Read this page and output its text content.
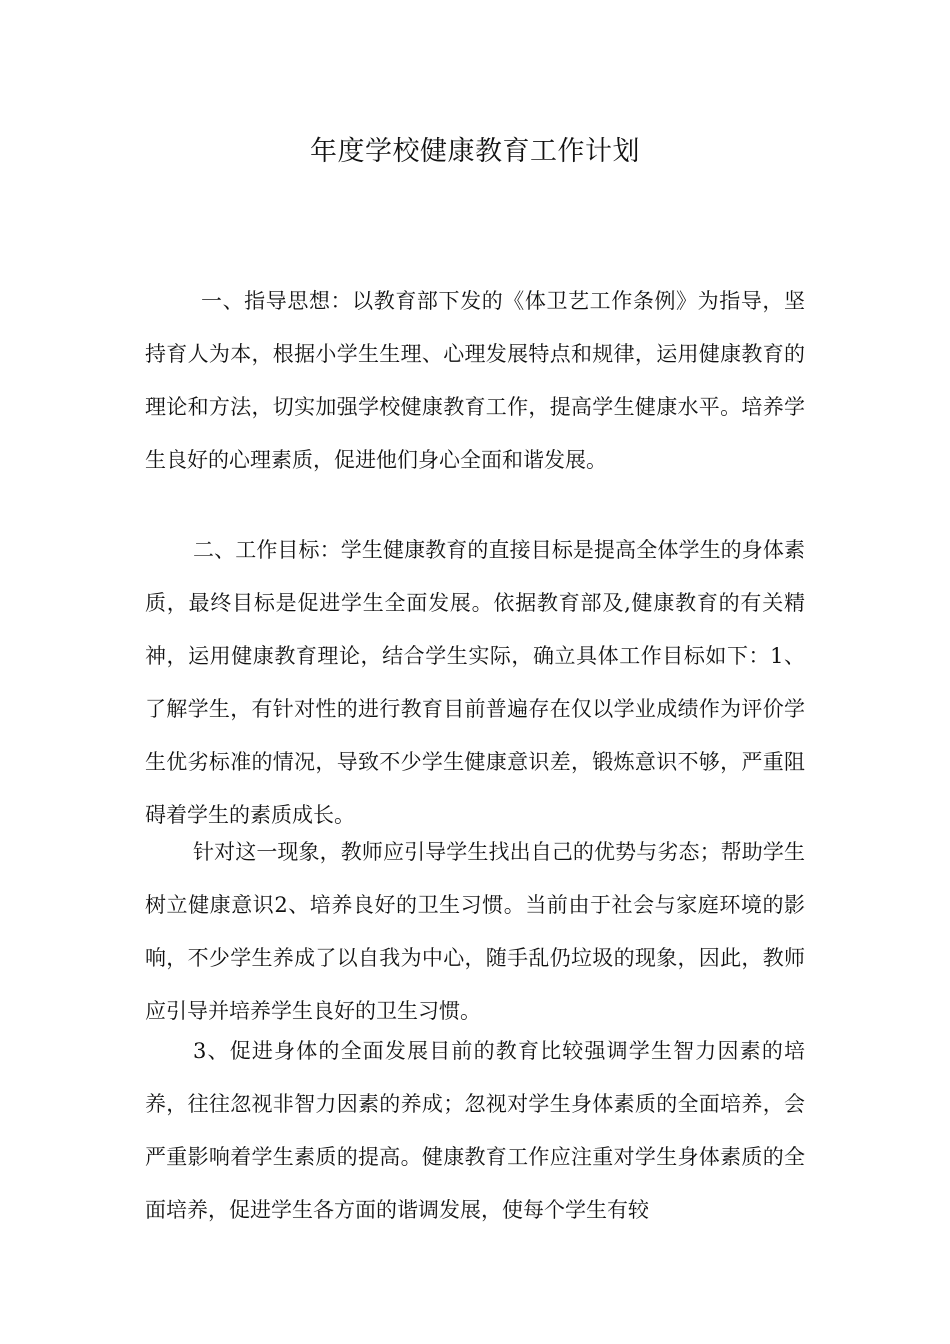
年度学校健康教育工作计划
一、指导思想：以教育部下发的《体卫艺工作条例》为指导，坚持育人为本，根据小学生生理、心理发展特点和规律，运用健康教育的理论和方法，切实加强学校健康教育工作，提高学生健康水平。培养学生良好的心理素质，促进他们身心全面和谐发展。
二、工作目标：学生健康教育的直接目标是提高全体学生的身体素质，最终目标是促进学生全面发展。依据教育部及,健康教育的有关精神，运用健康教育理论，结合学生实际，确立具体工作目标如下：1、了解学生，有针对性的进行教育目前普遍存在仅以学业成绩作为评价学生优劣标准的情况，导致不少学生健康意识差，锻炼意识不够，严重阻碍着学生的素质成长。
针对这一现象，教师应引导学生找出自己的优势与劣态；帮助学生树立健康意识2、培养良好的卫生习惯。当前由于社会与家庭环境的影响，不少学生养成了以自我为中心，随手乱仍垃圾的现象，因此，教师应引导并培养学生良好的卫生习惯。
3、促进身体的全面发展目前的教育比较强调学生智力因素的培养，往往忽视非智力因素的养成；忽视对学生身体素质的全面培养，会严重影响着学生素质的提高。健康教育工作应注重对学生身体素质的全面培养，促进学生各方面的谐调发展，使每个学生有较
